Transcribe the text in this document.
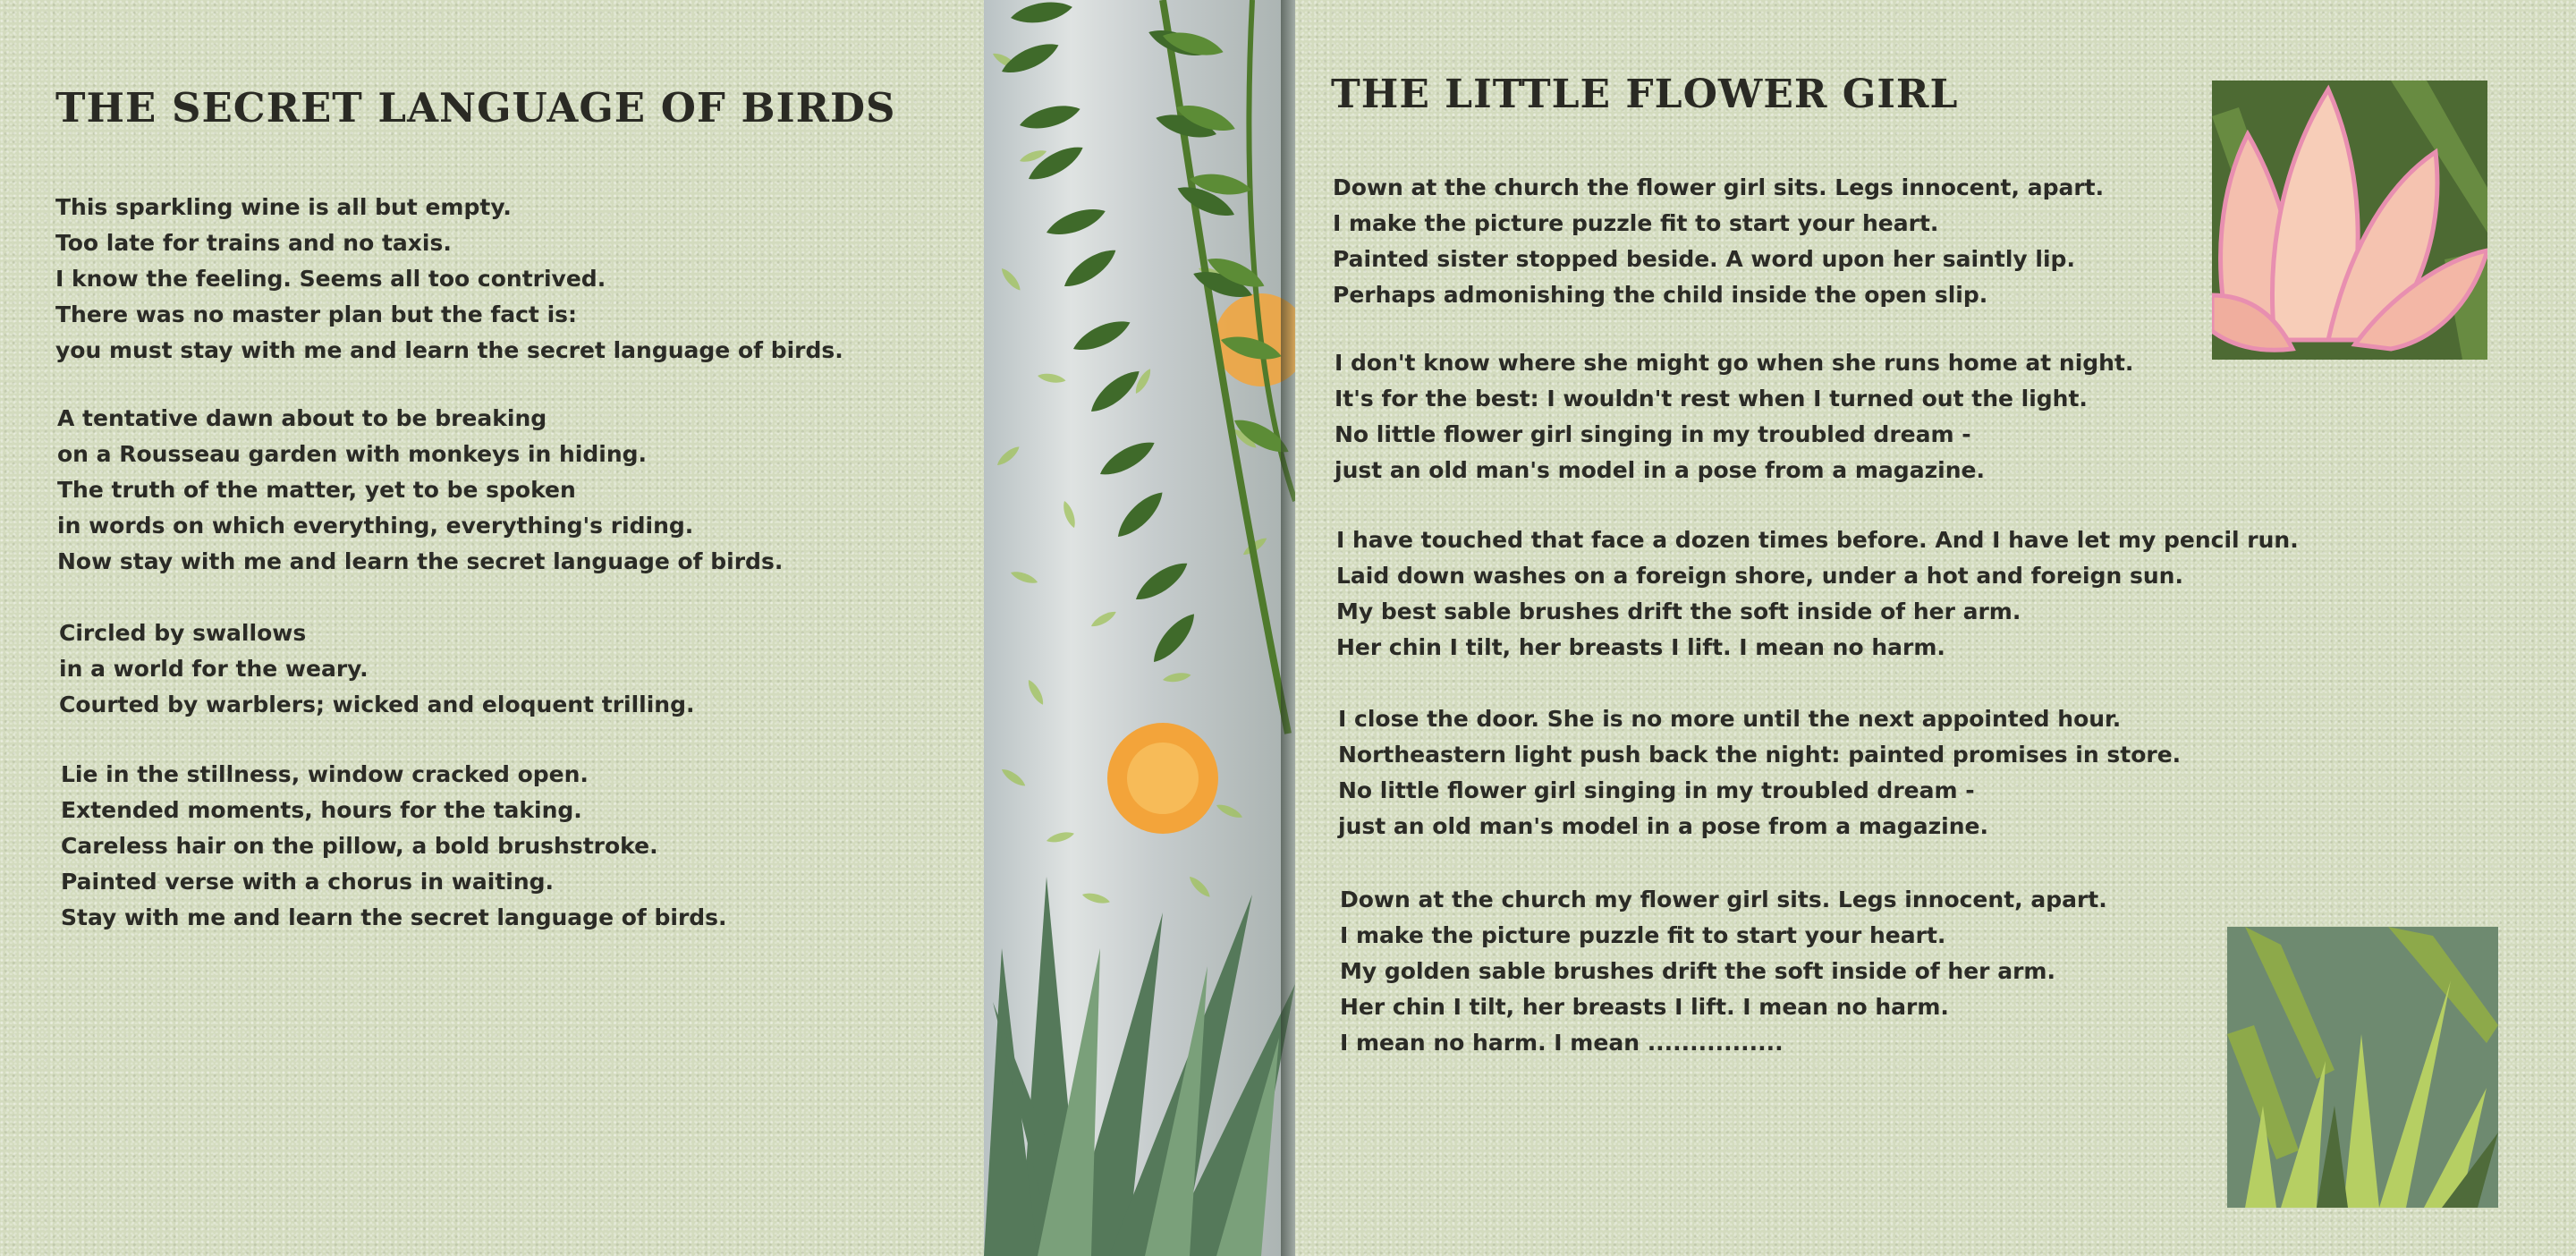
THE SECRET LANGUAGE OF BIRDS
This sparkling wine is all but empty.
Too late for trains and no taxis.
I know the feeling. Seems all too contrived.
There was no master plan but the fact is:
you must stay with me and learn the secret language of birds.
A tentative dawn about to be breaking
on a Rousseau garden with monkeys in hiding.
The truth of the matter, yet to be spoken
in words on which everything, everything's riding.
Now stay with me and learn the secret language of birds.
Circled by swallows
in a world for the weary.
Courted by warblers; wicked and eloquent trilling.
Lie in the stillness, window cracked open.
Extended moments, hours for the taking.
Careless hair on the pillow, a bold brushstroke.
Painted verse with a chorus in waiting.
Stay with me and learn the secret language of birds.
THE LITTLE FLOWER GIRL
Down at the church the flower girl sits. Legs innocent, apart.
I make the picture puzzle fit to start your heart.
Painted sister stopped beside. A word upon her saintly lip.
Perhaps admonishing the child inside the open slip.
I don't know where she might go when she runs home at night.
It's for the best: I wouldn't rest when I turned out the light.
No little flower girl singing in my troubled dream -
just an old man's model in a pose from a magazine.
I have touched that face a dozen times before. And I have let my pencil run.
Laid down washes on a foreign shore, under a hot and foreign sun.
My best sable brushes drift the soft inside of her arm.
Her chin I tilt, her breasts I lift. I mean no harm.
I close the door. She is no more until the next appointed hour.
Northeastern light push back the night: painted promises in store.
No little flower girl singing in my troubled dream -
just an old man's model in a pose from a magazine.
Down at the church my flower girl sits. Legs innocent, apart.
I make the picture puzzle fit to start your heart.
My golden sable brushes drift the soft inside of her arm.
Her chin I tilt, her breasts I lift. I mean no harm.
I mean no harm. I mean ................
